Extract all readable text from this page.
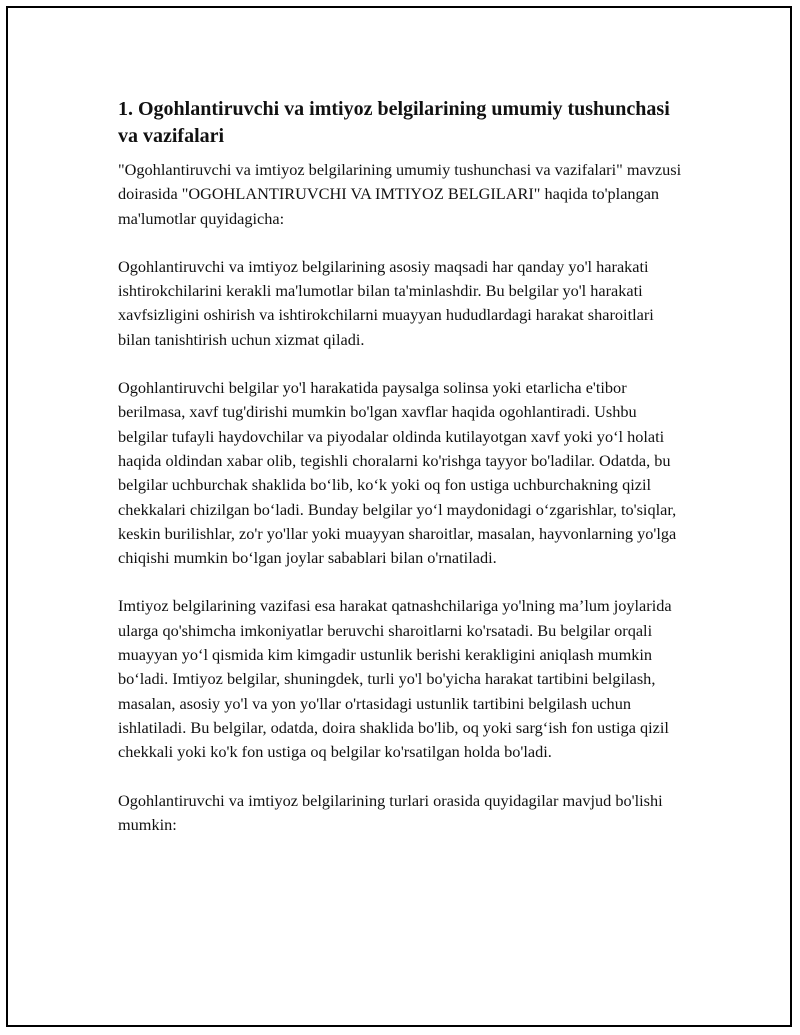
1. Ogohlantiruvchi va imtiyoz belgilarining umumiy tushunchasi va vazifalari

"Ogohlantiruvchi va imtiyoz belgilarining umumiy tushunchasi va vazifalari" mavzusi doirasida "OGOHLANTIRUVCHI VA IMTIYOZ BELGILARI" haqida to'plangan ma'lumotlar quyidagicha:

Ogohlantiruvchi va imtiyoz belgilarining asosiy maqsadi har qanday yo'l harakati ishtirokchilarini kerakli ma'lumotlar bilan ta'minlashdir. Bu belgilar yo'l harakati xavfsizligini oshirish va ishtirokchilarni muayyan hududlardagi harakat sharoitlari bilan tanishtirish uchun xizmat qiladi.

Ogohlantiruvchi belgilar yo'l harakatida paysalga solinsa yoki etarlicha e'tibor berilmasa, xavf tug'dirishi mumkin bo'lgan xavflar haqida ogohlantiradi. Ushbu belgilar tufayli haydovchilar va piyodalar oldinda kutilayotgan xavf yoki yo‘l holati haqida oldindan xabar olib, tegishli choralarni ko'rishga tayyor bo'ladilar. Odatda, bu belgilar uchburchak shaklida bo‘lib, ko‘k yoki oq fon ustiga uchburchakning qizil chekkalari chizilgan bo‘ladi. Bunday belgilar yo‘l maydonidagi o‘zgarishlar, to'siqlar, keskin burilishlar, zo'r yo'llar yoki muayyan sharoitlar, masalan, hayvonlarning yo'lga chiqishi mumkin bo‘lgan joylar sabablari bilan o'rnatiladi.

Imtiyoz belgilarining vazifasi esa harakat qatnashchilariga yo'lning ma’lum joylarida ularga qo'shimcha imkoniyatlar beruvchi sharoitlarni ko'rsatadi. Bu belgilar orqali muayyan yo‘l qismida kim kimgadir ustunlik berishi kerakligini aniqlash mumkin bo‘ladi. Imtiyoz belgilar, shuningdek, turli yo'l bo'yicha harakat tartibini belgilash, masalan, asosiy yo'l va yon yo'llar o'rtasidagi ustunlik tartibini belgilash uchun ishlatiladi. Bu belgilar, odatda, doira shaklida bo'lib, oq yoki sarg‘ish fon ustiga qizil chekkali yoki ko'k fon ustiga oq belgilar ko'rsatilgan holda bo'ladi.

Ogohlantiruvchi va imtiyoz belgilarining turlari orasida quyidagilar mavjud bo'lishi mumkin:
